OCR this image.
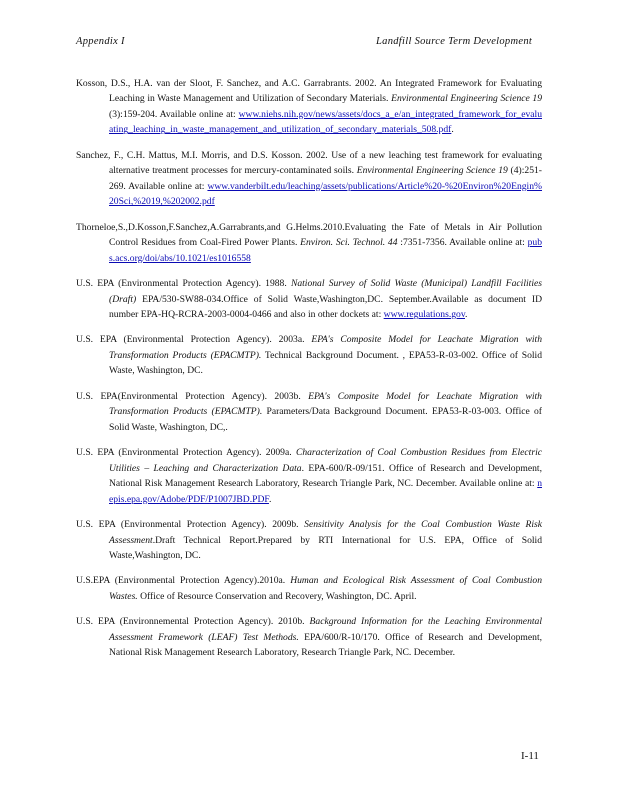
Appendix I	Landfill Source Term Development

Kosson, D.S., H.A. van der Sloot, F. Sanchez, and A.C. Garrabrants. 2002. An Integrated Framework for Evaluating Leaching in Waste Management and Utilization of Secondary Materials. Environmental Engineering Science 19 (3):159-204. Available online at: www.niehs.nih.gov/news/assets/docs_a_e/an_integrated_framework_for_evaluating_leaching_in_waste_management_and_utilization_of_secondary_materials_508.pdf.

Sanchez, F., C.H. Mattus, M.I. Morris, and D.S. Kosson. 2002. Use of a new leaching test framework for evaluating alternative treatment processes for mercury-contaminated soils. Environmental Engineering Science 19 (4):251-269. Available online at: www.vanderbilt.edu/leaching/assets/publications/Article%20-%20Environ%20Engin%20Sci,%2019,%202002.pdf

Thorneloe,S.,D.Kosson,F.Sanchez,A.Garrabrants,and G.Helms.2010.Evaluating the Fate of Metals in Air Pollution Control Residues from Coal-Fired Power Plants. Environ. Sci. Technol. 44 :7351-7356. Available online at: pubs.acs.org/doi/abs/10.1021/es1016558

U.S. EPA (Environmental Protection Agency). 1988. National Survey of Solid Waste (Municipal) Landfill Facilities (Draft) EPA/530-SW88-034.Office of Solid Waste,Washington,DC. September.Available as document ID number EPA-HQ-RCRA-2003-0004-0466 and also in other dockets at: www.regulations.gov.

U.S. EPA (Environmental Protection Agency). 2003a. EPA's Composite Model for Leachate Migration with Transformation Products (EPACMTP). Technical Background Document. , EPA53-R-03-002. Office of Solid Waste, Washington, DC.

U.S. EPA(Environmental Protection Agency). 2003b. EPA's Composite Model for Leachate Migration with Transformation Products (EPACMTP). Parameters/Data Background Document. EPA53-R-03-003. Office of Solid Waste, Washington, DC,.

U.S. EPA (Environmental Protection Agency). 2009a. Characterization of Coal Combustion Residues from Electric Utilities – Leaching and Characterization Data. EPA-600/R-09/151. Office of Research and Development, National Risk Management Research Laboratory, Research Triangle Park, NC. December. Available online at: nepis.epa.gov/Adobe/PDF/P1007JBD.PDF.

U.S. EPA (Environmental Protection Agency). 2009b. Sensitivity Analysis for the Coal Combustion Waste Risk Assessment.Draft Technical Report.Prepared by RTI International for U.S. EPA, Office of Solid Waste,Washington, DC.

U.S.EPA (Environmental Protection Agency).2010a. Human and Ecological Risk Assessment of Coal Combustion Wastes. Office of Resource Conservation and Recovery, Washington, DC. April.

U.S. EPA (Environnemental Protection Agency). 2010b. Background Information for the Leaching Environmental Assessment Framework (LEAF) Test Methods. EPA/600/R-10/170. Office of Research and Development, National Risk Management Research Laboratory, Research Triangle Park, NC. December.

I-11
